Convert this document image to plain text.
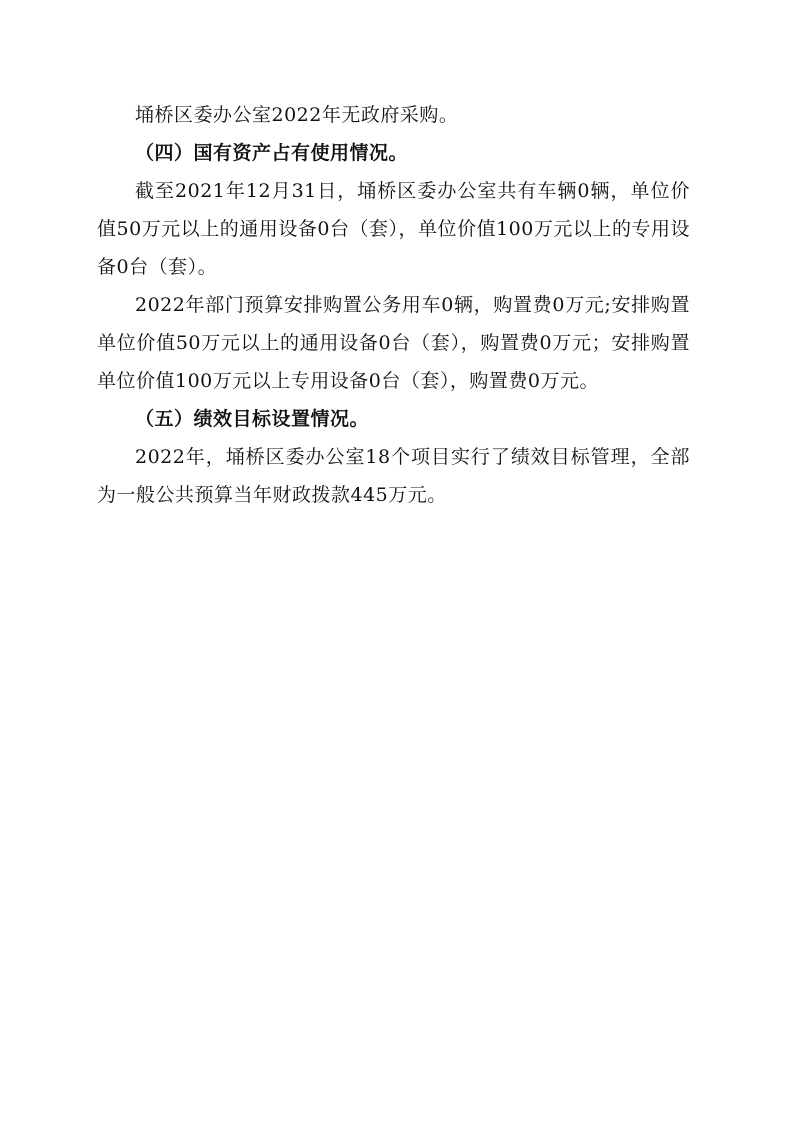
埇桥区委办公室2022年无政府采购。

（四）国有资产占有使用情况。

截至2021年12月31日，埇桥区委办公室共有车辆0辆，单位价值50万元以上的通用设备0台（套），单位价值100万元以上的专用设备0台（套）。

2022年部门预算安排购置公务用车0辆，购置费0万元;安排购置单位价值50万元以上的通用设备0台（套），购置费0万元；安排购置单位价值100万元以上专用设备0台（套），购置费0万元。

（五）绩效目标设置情况。

2022年，埇桥区委办公室18个项目实行了绩效目标管理，全部为一般公共预算当年财政拨款445万元。
